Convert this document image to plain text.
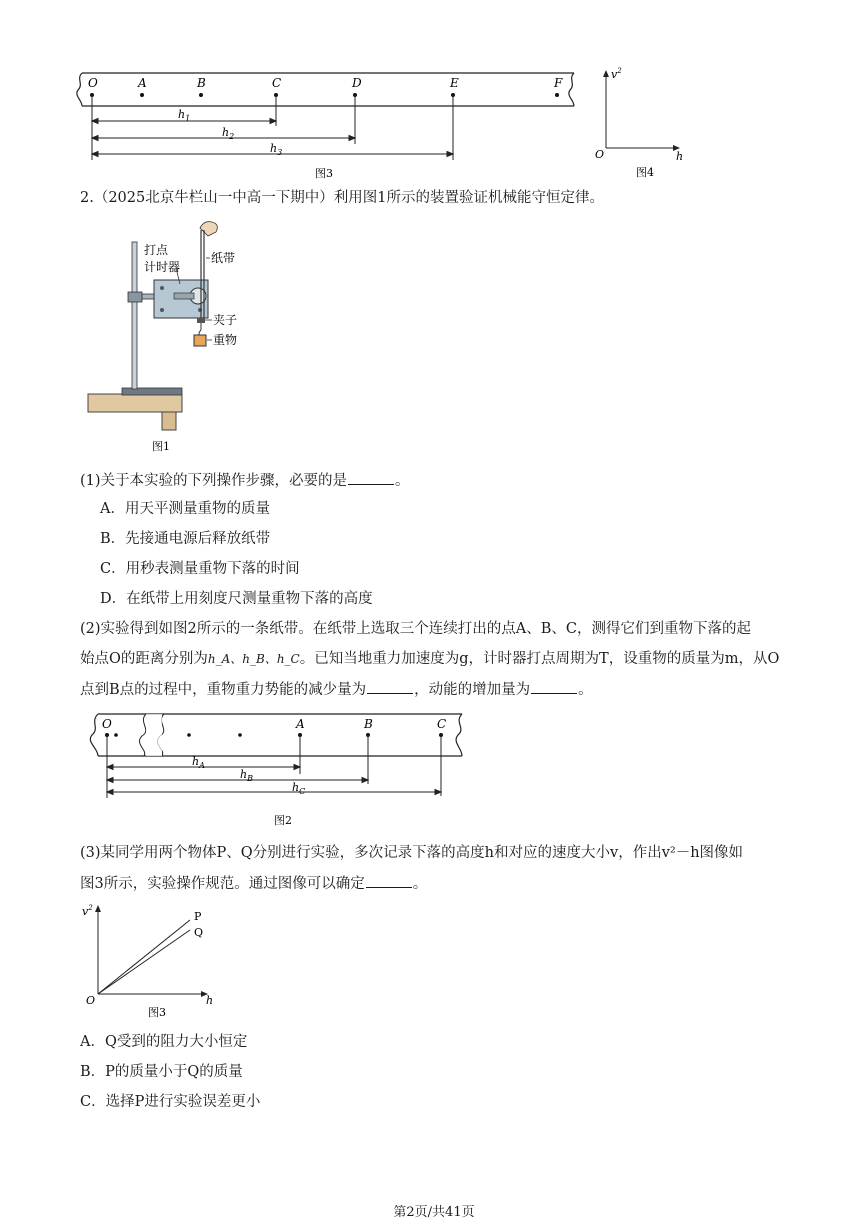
O	A	B	C	D	E	F
$h_1$
$h_2$
$h_3$
图3
$v^2$
O	h
图4
2.（2025北京牛栏山一中高一下期中）利用图1所示的装置验证机械能守恒定律。
打点
计时器
纸带
夹子
重物
图1
(1)关于本实验的下列操作步骤，必要的是	。
A．用天平测量重物的质量
B．先接通电源后释放纸带
C．用秒表测量重物下落的时间
D．在纸带上用刻度尺测量重物下落的高度
(2)实验得到如图2所示的一条纸带。在纸带上选取三个连续打出的点A、B、C，测得它们到重物下落的起
始点O的距离分别为h_A、h_B、h_C。已知当地重力加速度为g，计时器打点周期为T，设重物的质量为m，从O
点到B点的过程中，重物重力势能的减少量为	，动能的增加量为	。
O	A	B	C
$h_A$
$h_B$
$h_C$
图2
(3)某同学用两个物体P、Q分别进行实验，多次记录下落的高度h和对应的速度大小v，作出v²－h图像如
图3所示，实验操作规范。通过图像可以确定	。
$v^2$
P
Q
O	h
图3
A．Q受到的阻力大小恒定
B．P的质量小于Q的质量
C．选择P进行实验误差更小
第2页/共41页
